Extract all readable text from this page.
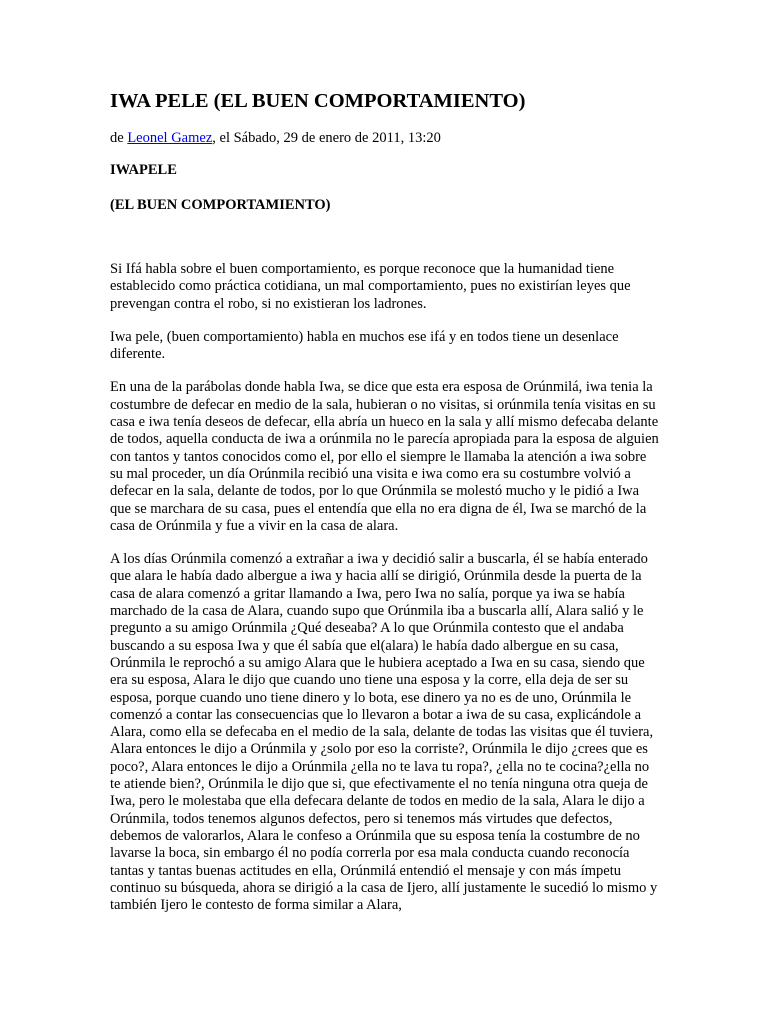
IWA PELE (EL BUEN COMPORTAMIENTO)

de Leonel Gamez, el Sábado, 29 de enero de 2011, 13:20

IWAPELE

(EL BUEN COMPORTAMIENTO)

Si Ifá habla sobre el buen comportamiento, es porque reconoce que la humanidad tiene establecido como práctica cotidiana, un mal comportamiento, pues no existirían leyes que prevengan contra el robo, si no existieran los ladrones.

Iwa pele, (buen comportamiento) habla en muchos ese ifá y en todos tiene un desenlace diferente.

En una de la parábolas donde habla Iwa, se dice que esta era esposa de Orúnmilá, iwa tenia la costumbre de defecar en medio de la sala, hubieran o no visitas, si orúnmila tenía visitas en su casa e iwa tenía deseos de defecar, ella abría un hueco en la sala y allí mismo defecaba delante de todos, aquella conducta de iwa a orúnmila no le parecía apropiada para la esposa de alguien con tantos y tantos conocidos como el, por ello el siempre le llamaba la atención a iwa sobre su mal proceder, un día Orúnmila recibió una visita e iwa como era su costumbre volvió a defecar en la sala, delante de todos, por lo que Orúnmila se molestó mucho y le pidió a Iwa que se marchara de su casa, pues el entendía que ella no era digna de él, Iwa se marchó de la casa de Orúnmila y fue a vivir en la casa de alara.

A los días Orúnmila comenzó a extrañar a iwa y decidió salir a buscarla, él se había enterado que alara le había dado albergue a iwa y hacia allí se dirigió, Orúnmila desde la puerta de la casa de alara comenzó a gritar llamando a Iwa, pero Iwa no salía, porque ya iwa se había marchado de la casa de Alara, cuando supo que Orúnmila iba a buscarla allí, Alara salió y le pregunto a su amigo Orúnmila ¿Qué deseaba? A lo que Orúnmila contesto que el andaba buscando a su esposa Iwa y que él sabía que el(alara) le había dado albergue en su casa, Orúnmila le reprochó a su amigo Alara que le hubiera aceptado a Iwa en su casa, siendo que era su esposa, Alara le dijo que cuando uno tiene una esposa y la corre, ella deja de ser su esposa, porque cuando uno tiene dinero y lo bota, ese dinero ya no es de uno, Orúnmila le comenzó a contar las consecuencias que lo llevaron a botar a iwa de su casa, explicándole a Alara, como ella se defecaba en el medio de la sala, delante de todas las visitas que él tuviera, Alara entonces le dijo a Orúnmila y ¿solo por eso la corriste?, Orúnmila le dijo ¿crees que es poco?, Alara entonces le dijo a Orúnmila ¿ella no te lava tu ropa?, ¿ella no te cocina?¿ella no te atiende bien?, Orúnmila le dijo que si, que efectivamente el no tenía ninguna otra queja de Iwa, pero le molestaba que ella defecara delante de todos en medio de la sala, Alara le dijo a Orúnmila, todos tenemos algunos defectos, pero si tenemos más virtudes que defectos, debemos de valorarlos, Alara le confeso a Orúnmila que su esposa tenía la costumbre de no lavarse la boca, sin embargo él no podía correrla por esa mala conducta cuando reconocía tantas y tantas buenas actitudes en ella, Orúnmilá entendió el mensaje y con más ímpetu continuo su búsqueda, ahora se dirigió a la casa de Ijero, allí justamente le sucedió lo mismo y también Ijero le contesto de forma similar a Alara,
